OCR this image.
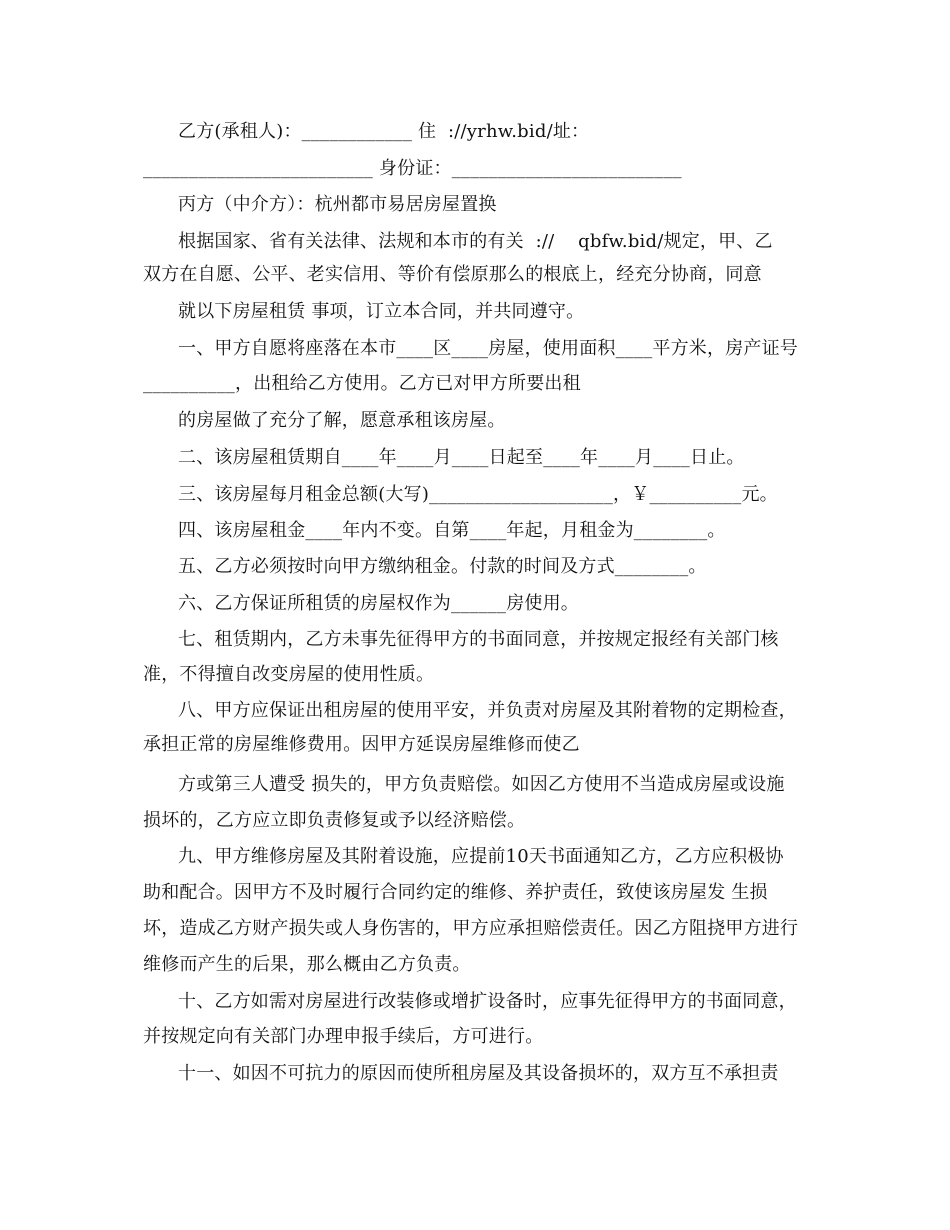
乙方(承租人)：____________ 住  ://yrhw.bid/址：
_________________________ 身份证：_________________________
丙方（中介方）：杭州都市易居房屋置换
根据国家、省有关法律、法规和本市的有关  ://    qbfw.bid/规定，甲、乙
双方在自愿、公平、老实信用、等价有偿原那么的根底上，经充分协商，同意
就以下房屋租赁 事项，订立本合同，并共同遵守。
一、甲方自愿将座落在本市____区____房屋，使用面积____平方米，房产证号
__________，出租给乙方使用。乙方已对甲方所要出租
的房屋做了充分了解，愿意承租该房屋。
二、该房屋租赁期自____年____月____日起至____年____月____日止。
三、该房屋每月租金总额(大写)____________________，￥__________元。
四、该房屋租金____年内不变。自第____年起，月租金为________。
五、乙方必须按时向甲方缴纳租金。付款的时间及方式________。
六、乙方保证所租赁的房屋权作为______房使用。
七、租赁期内，乙方未事先征得甲方的书面同意，并按规定报经有关部门核
准，不得擅自改变房屋的使用性质。
八、甲方应保证出租房屋的使用平安，并负责对房屋及其附着物的定期检查，
承担正常的房屋维修费用。因甲方延误房屋维修而使乙
方或第三人遭受 损失的，甲方负责赔偿。如因乙方使用不当造成房屋或设施
损坏的，乙方应立即负责修复或予以经济赔偿。
九、甲方维修房屋及其附着设施，应提前10天书面通知乙方，乙方应积极协
助和配合。因甲方不及时履行合同约定的维修、养护责任，致使该房屋发 生损
坏，造成乙方财产损失或人身伤害的，甲方应承担赔偿责任。因乙方阻挠甲方进行
维修而产生的后果，那么概由乙方负责。
十、乙方如需对房屋进行改装修或增扩设备时，应事先征得甲方的书面同意，
并按规定向有关部门办理申报手续后，方可进行。
十一、如因不可抗力的原因而使所租房屋及其设备损坏的，双方互不承担责
